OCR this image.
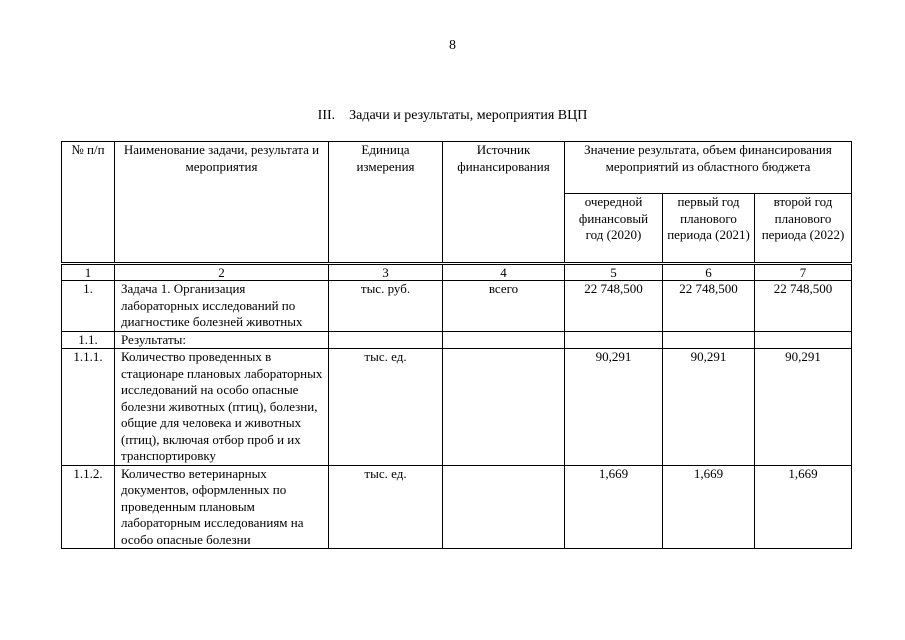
8
III. Задачи и результаты, мероприятия ВЦП
№ п/п	Наименование задачи, результата и мероприятия	Единица измерения	Источник финансирования	Значение результата, объем финансирования мероприятий из областного бюджета		
				очередной финансовый год (2020)	первый год планового периода (2021)	второй год планового периода (2022)
1	2	3	4	5	6	7
1.	Задача 1. Организация лабораторных исследований по диагностике болезней животных	тыс. руб.	всего	22 748,500	22 748,500	22 748,500
1.1.	Результаты:					
1.1.1.	Количество проведенных в стационаре плановых лабораторных исследований на особо опасные болезни животных (птиц), болезни, общие для человека и животных (птиц), включая отбор проб и их транспортировку	тыс. ед.		90,291	90,291	90,291
1.1.2.	Количество ветеринарных документов, оформленных по проведенным плановым лабораторным исследованиям на особо опасные болезни	тыс. ед.		1,669	1,669	1,669
